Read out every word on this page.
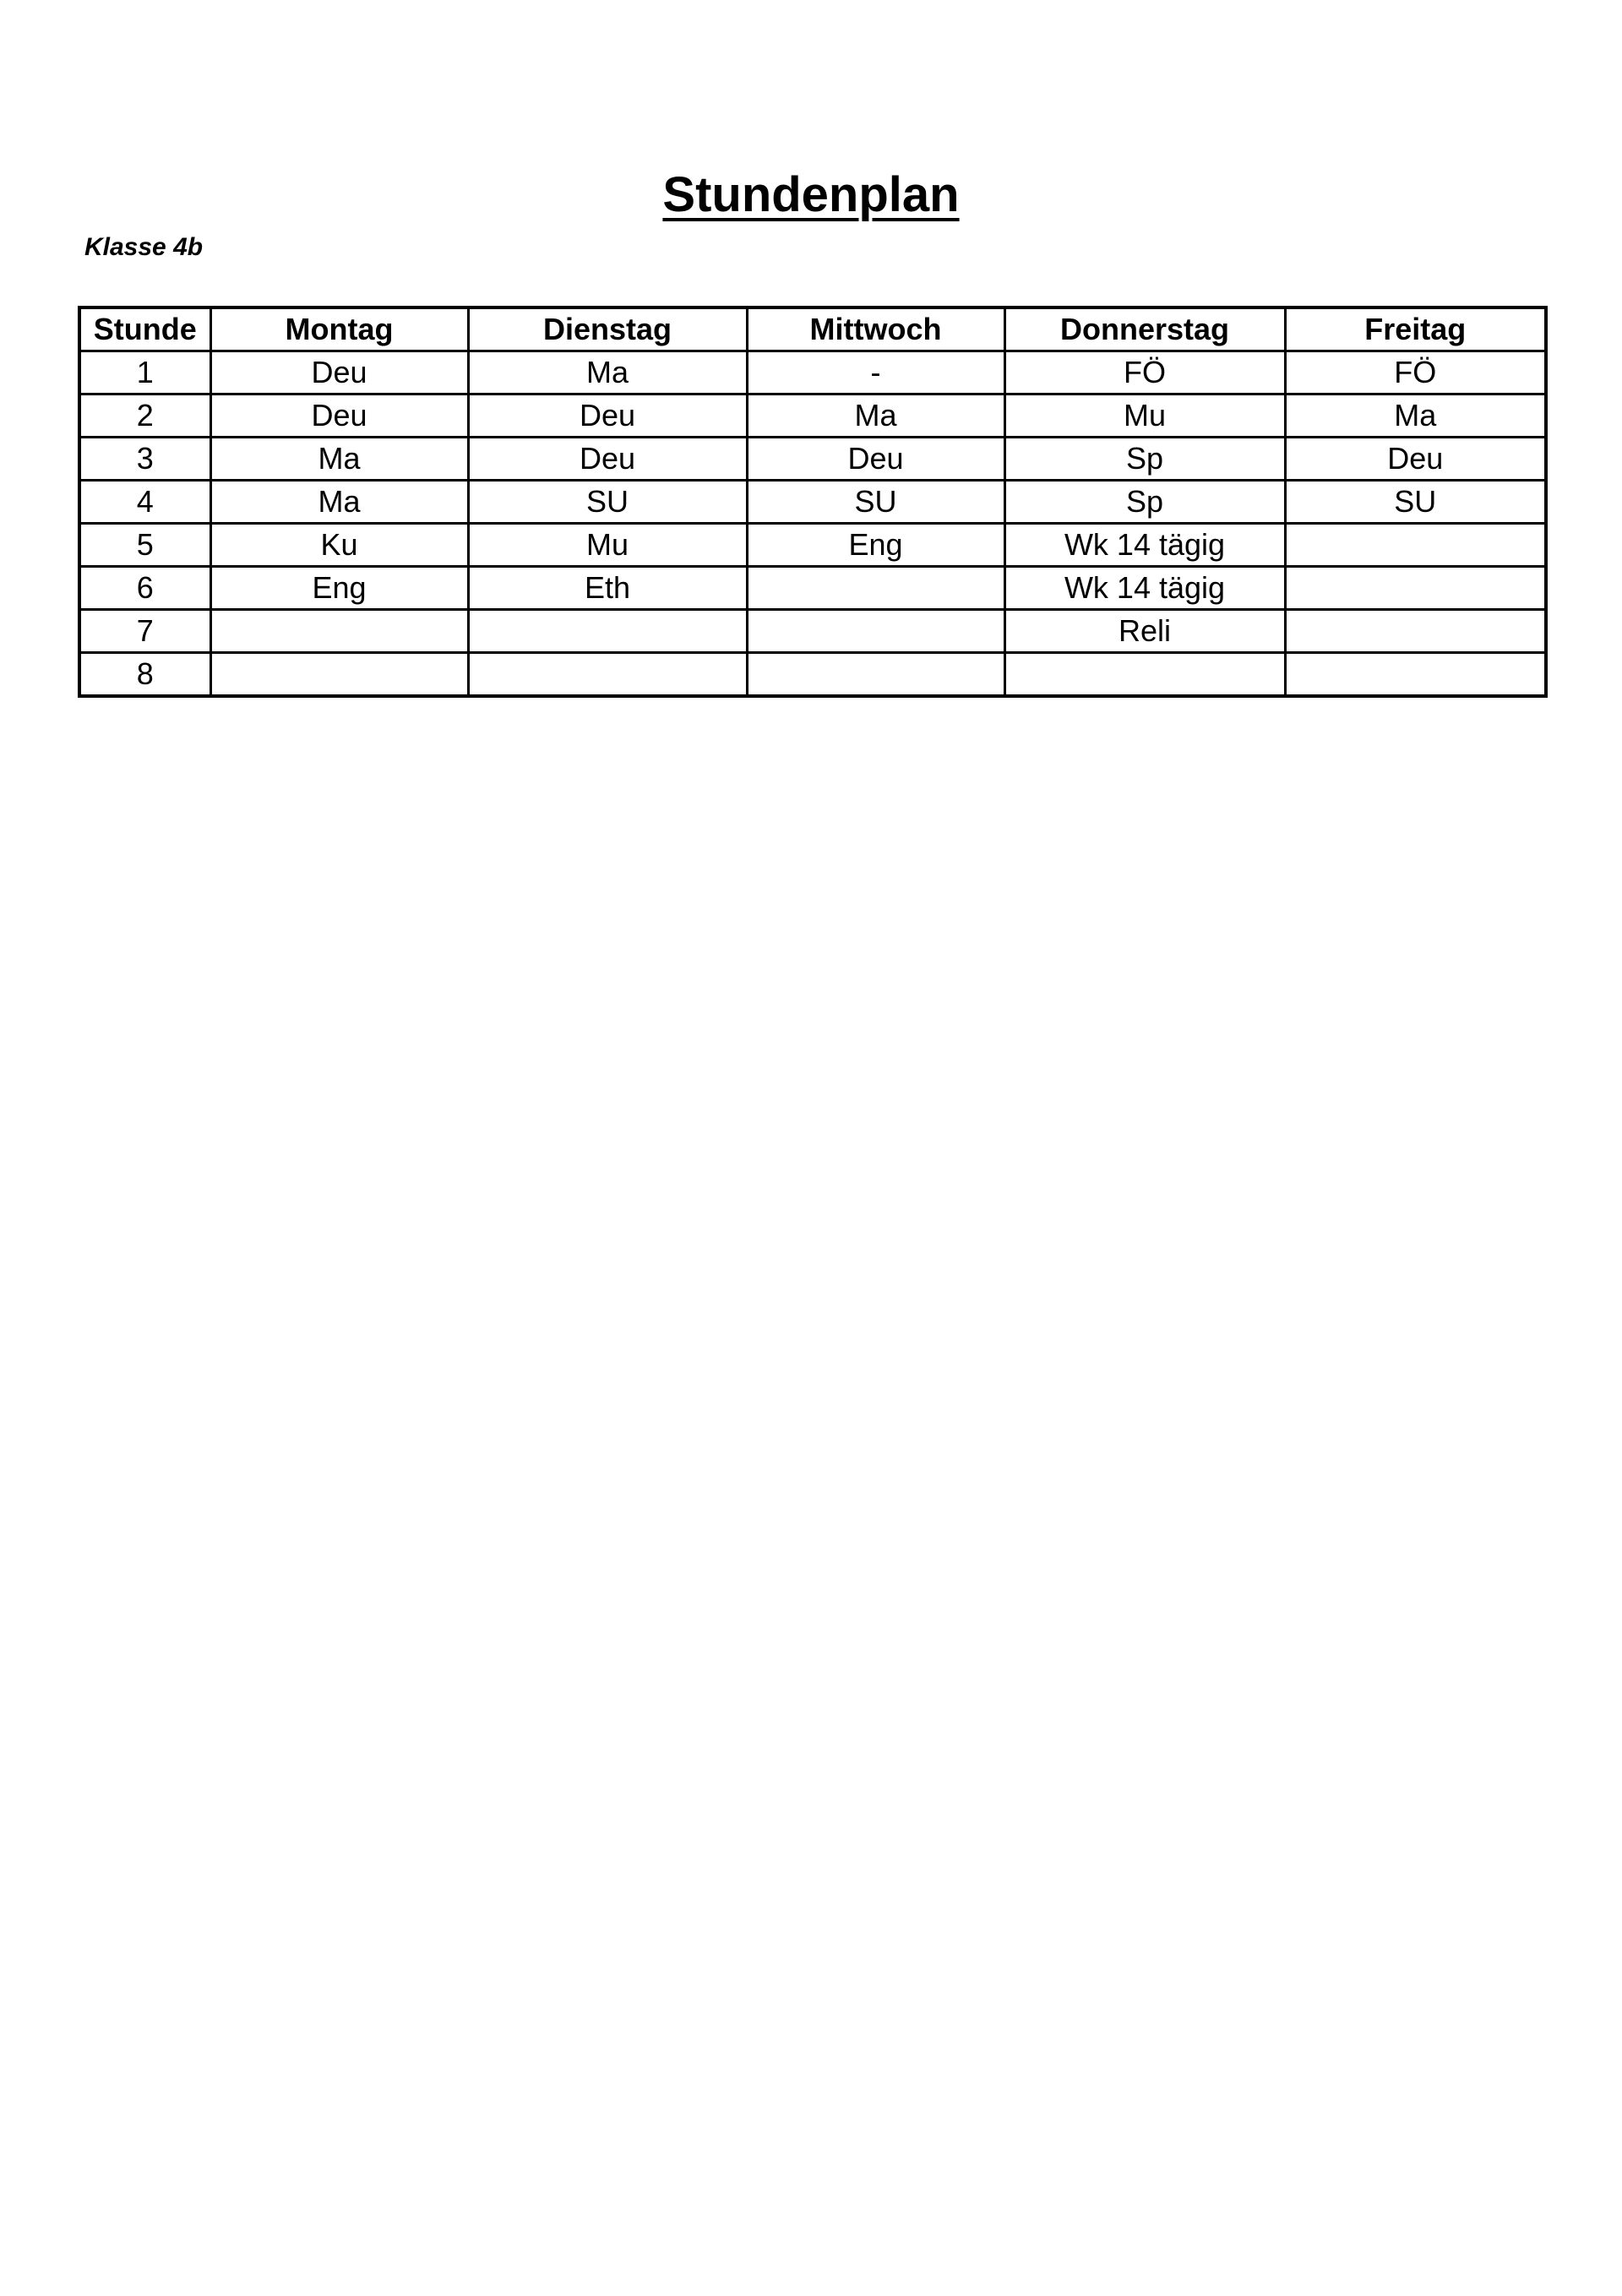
Stundenplan
Klasse 4b
Stunde	Montag	Dienstag	Mittwoch	Donnerstag	Freitag
1	Deu	Ma	-	FÖ	FÖ
2	Deu	Deu	Ma	Mu	Ma
3	Ma	Deu	Deu	Sp	Deu
4	Ma	SU	SU	Sp	SU
5	Ku	Mu	Eng	Wk 14 tägig	
6	Eng	Eth		Wk 14 tägig	
7				Reli	
8					
